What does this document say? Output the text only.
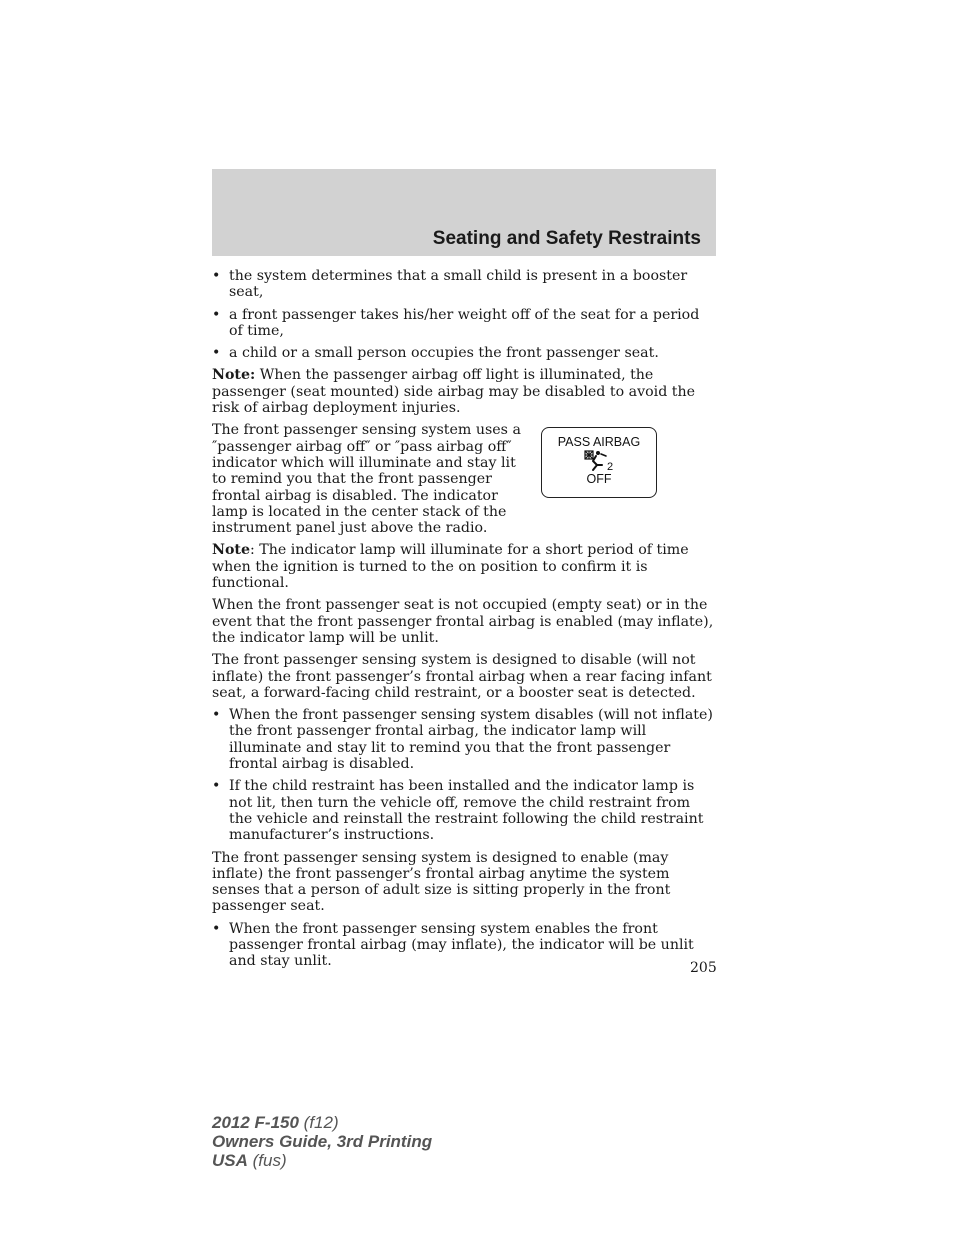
Seating and Safety Restraints
• the system determines that a small child is present in a booster seat,
• a front passenger takes his/her weight off of the seat for a period of time,
• a child or a small person occupies the front passenger seat.

Note: When the passenger airbag off light is illuminated, the passenger (seat mounted) side airbag may be disabled to avoid the risk of airbag deployment injuries.

PASS AIRBAG
2
OFF

The front passenger sensing system uses a ″passenger airbag off″ or ″pass airbag off″ indicator which will illuminate and stay lit to remind you that the front passenger frontal airbag is disabled. The indicator lamp is located in the center stack of the instrument panel just above the radio.

Note: The indicator lamp will illuminate for a short period of time when the ignition is turned to the on position to confirm it is functional.

When the front passenger seat is not occupied (empty seat) or in the event that the front passenger frontal airbag is enabled (may inflate), the indicator lamp will be unlit.

The front passenger sensing system is designed to disable (will not inflate) the front passenger’s frontal airbag when a rear facing infant seat, a forward-facing child restraint, or a booster seat is detected.

• When the front passenger sensing system disables (will not inflate) the front passenger frontal airbag, the indicator lamp will illuminate and stay lit to remind you that the front passenger frontal airbag is disabled.
• If the child restraint has been installed and the indicator lamp is not lit, then turn the vehicle off, remove the child restraint from the vehicle and reinstall the restraint following the child restraint manufacturer’s instructions.

The front passenger sensing system is designed to enable (may inflate) the front passenger’s frontal airbag anytime the system senses that a person of adult size is sitting properly in the front passenger seat.

• When the front passenger sensing system enables the front passenger frontal airbag (may inflate), the indicator will be unlit and stay unlit.	205
2012 F-150 (f12)
Owners Guide, 3rd Printing
USA (fus)
